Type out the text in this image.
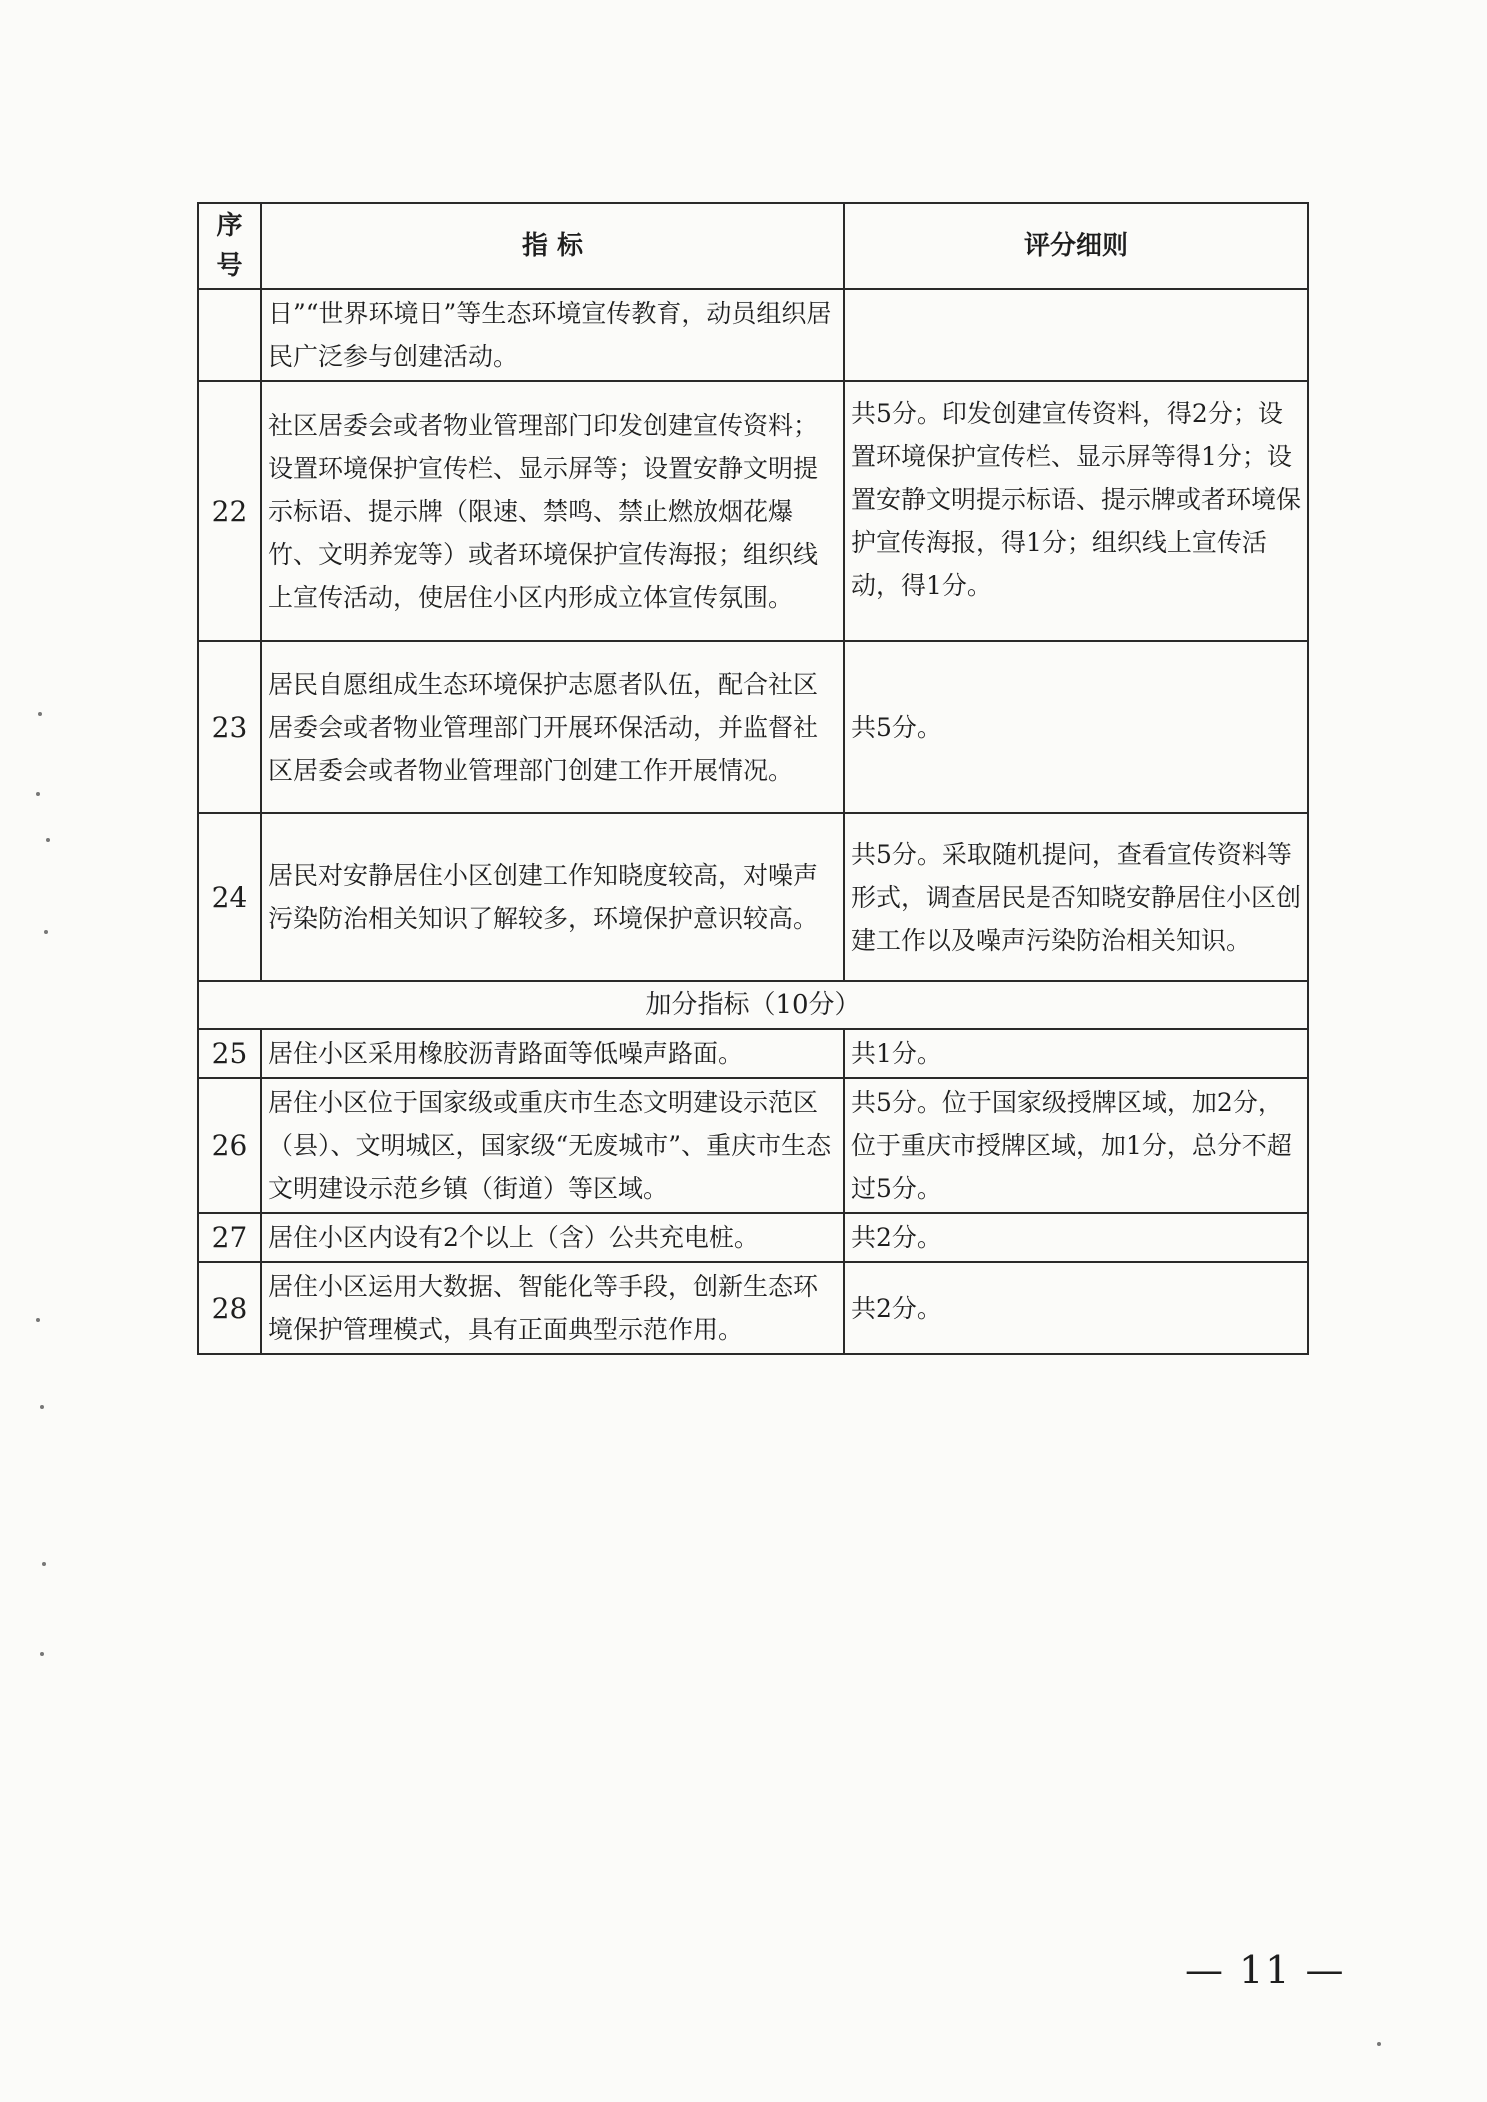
序号	指 标	评分细则
	日”“世界环境日”等生态环境宣传教育，动员组织居民广泛参与创建活动。	
22	社区居委会或者物业管理部门印发创建宣传资料；设置环境保护宣传栏、显示屏等；设置安静文明提示标语、提示牌（限速、禁鸣、禁止燃放烟花爆竹、文明养宠等）或者环境保护宣传海报；组织线上宣传活动，使居住小区内形成立体宣传氛围。	共5分。印发创建宣传资料，得2分；设置环境保护宣传栏、显示屏等得1分；设置安静文明提示标语、提示牌或者环境保护宣传海报，得1分；组织线上宣传活动，得1分。
23	居民自愿组成生态环境保护志愿者队伍，配合社区居委会或者物业管理部门开展环保活动，并监督社区居委会或者物业管理部门创建工作开展情况。	共5分。
24	居民对安静居住小区创建工作知晓度较高，对噪声污染防治相关知识了解较多，环境保护意识较高。	共5分。采取随机提问，查看宣传资料等形式，调查居民是否知晓安静居住小区创建工作以及噪声污染防治相关知识。
加分指标（10分）		
25	居住小区采用橡胶沥青路面等低噪声路面。	共1分。
26	居住小区位于国家级或重庆市生态文明建设示范区（县）、文明城区，国家级“无废城市”、重庆市生态文明建设示范乡镇（街道）等区域。	共5分。位于国家级授牌区域，加2分，位于重庆市授牌区域，加1分，总分不超过5分。
27	居住小区内设有2个以上（含）公共充电桩。	共2分。
28	居住小区运用大数据、智能化等手段，创新生态环境保护管理模式，具有正面典型示范作用。	共2分。
— 11 —
